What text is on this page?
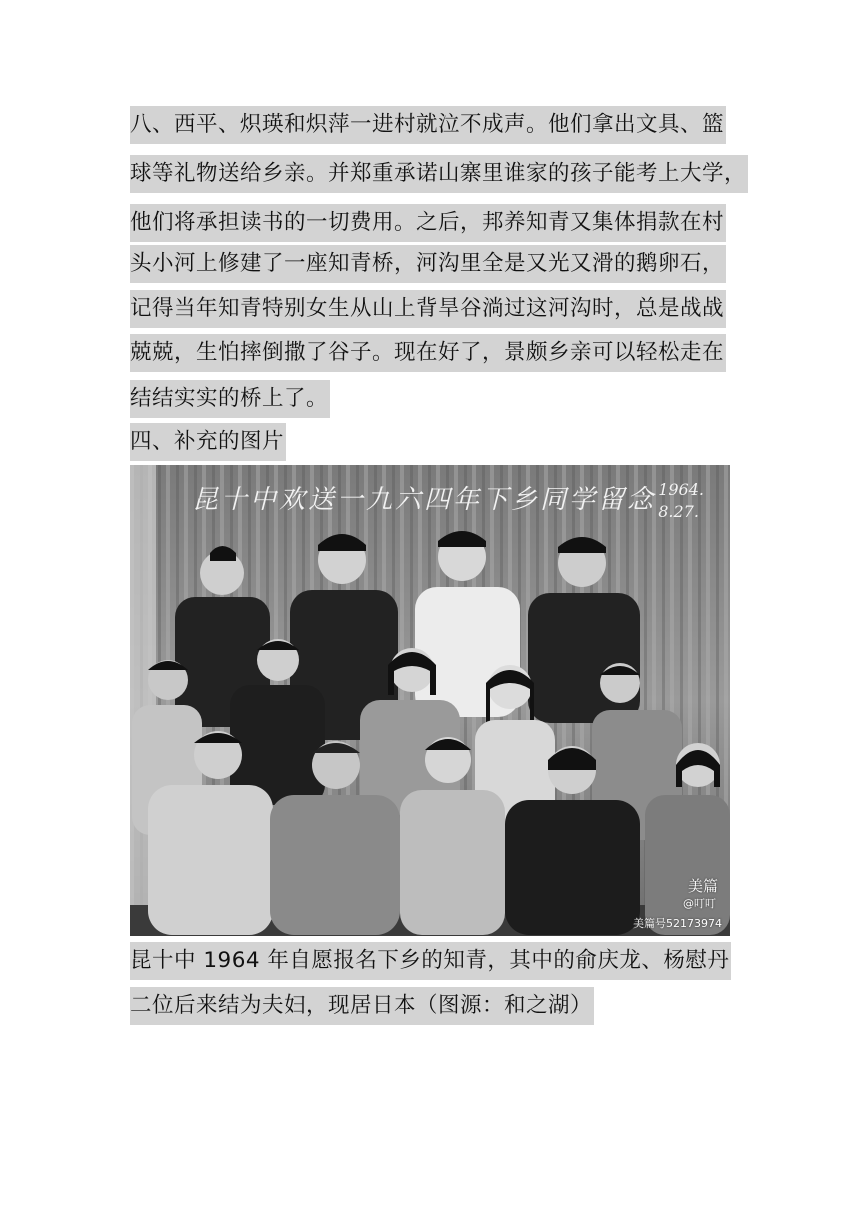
八、西平、炽瑛和炽萍一进村就泣不成声。他们拿出文具、篮
球等礼物送给乡亲。并郑重承诺山寨里谁家的孩子能考上大学，
他们将承担读书的一切费用。之后，邦养知青又集体捐款在村
头小河上修建了一座知青桥，河沟里全是又光又滑的鹅卵石，
记得当年知青特别女生从山上背旱谷淌过这河沟时，总是战战
兢兢，生怕摔倒撒了谷子。现在好了，景颇乡亲可以轻松走在
结结实实的桥上了。
四、补充的图片
昆十中欢送一九六四年下乡同学留念 1964.
8.27.
美篇
@叮叮
美篇号52173974
昆十中 1964 年自愿报名下乡的知青，其中的俞庆龙、杨慰丹
二位后来结为夫妇，现居日本（图源：和之湖）
